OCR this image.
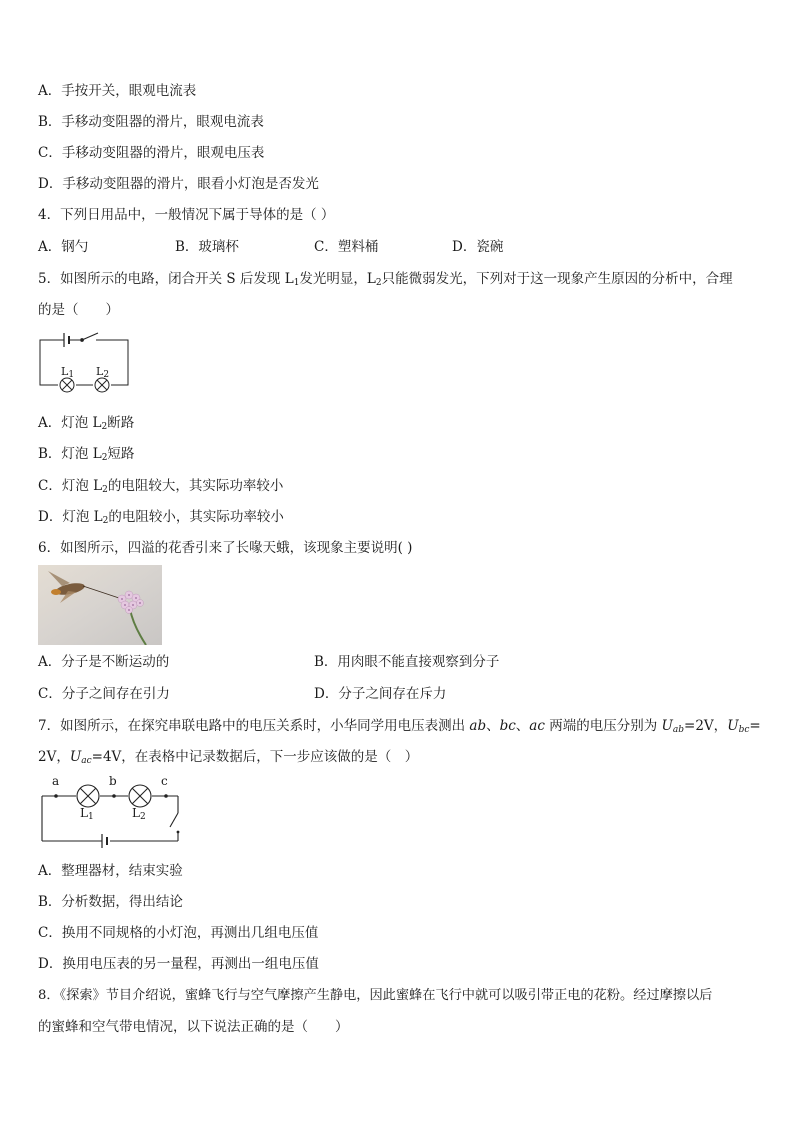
A．手按开关，眼观电流表
B．手移动变阻器的滑片，眼观电流表
C．手移动变阻器的滑片，眼观电压表
D．手移动变阻器的滑片，眼看小灯泡是否发光
4．下列日用品中，一般情况下属于导体的是（ ）
A．钢勺	B．玻璃杯	C．塑料桶	D．瓷碗
5．如图所示的电路，闭合开关 S 后发现 $L_1$发光明显，$L_2$只能微弱发光，下列对于这一现象产生原因的分析中，合理
的是（　　）
$L_1$ $L_2$
A．灯泡 $L_2$断路
B．灯泡 $L_2$短路
C．灯泡 $L_2$的电阻较大，其实际功率较小
D．灯泡 $L_2$的电阻较小，其实际功率较小
6．如图所示，四溢的花香引来了长喙天蛾，该现象主要说明( )
A．分子是不断运动的	B．用肉眼不能直接观察到分子
C．分子之间存在引力	D．分子之间存在斥力
7．如图所示，在探究串联电路中的电压关系时，小华同学用电压表测出 ab、bc、ac 两端的电压分别为 $U_{ab}=2V$，$U_{bc}=$
2V，$U_{ac}=4V$，在表格中记录数据后，下一步应该做的是（　）
a	b	c
$L_1$	$L_2$
A．整理器材，结束实验
B．分析数据，得出结论
C．换用不同规格的小灯泡，再测出几组电压值
D．换用电压表的另一量程，再测出一组电压值
8．《探索》节目介绍说，蜜蜂飞行与空气摩擦产生静电，因此蜜蜂在飞行中就可以吸引带正电的花粉。经过摩擦以后
的蜜蜂和空气带电情况，以下说法正确的是（　　）
